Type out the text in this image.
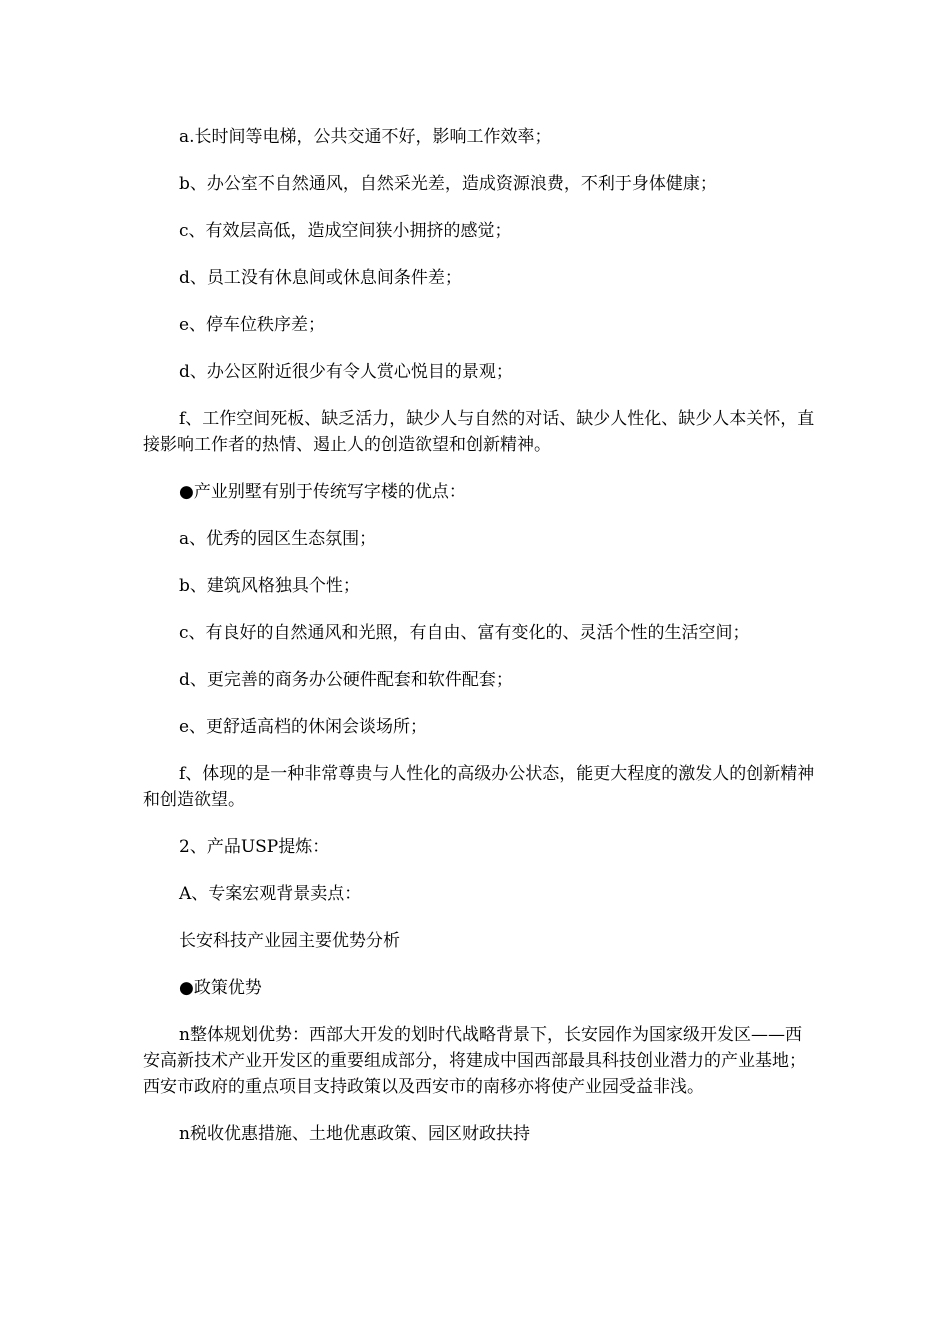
a.长时间等电梯，公共交通不好，影响工作效率；

b、办公室不自然通风，自然采光差，造成资源浪费，不利于身体健康；

c、有效层高低，造成空间狭小拥挤的感觉；

d、员工没有休息间或休息间条件差；

e、停车位秩序差；

d、办公区附近很少有令人赏心悦目的景观；

f、工作空间死板、缺乏活力，缺少人与自然的对话、缺少人性化、缺少人本关怀，直接影响工作者的热情、遏止人的创造欲望和创新精神。

●产业别墅有别于传统写字楼的优点：

a、优秀的园区生态氛围；

b、建筑风格独具个性；

c、有良好的自然通风和光照，有自由、富有变化的、灵活个性的生活空间；

d、更完善的商务办公硬件配套和软件配套；

e、更舒适高档的休闲会谈场所；

f、体现的是一种非常尊贵与人性化的高级办公状态，能更大程度的激发人的创新精神和创造欲望。

2、产品USP提炼：

A、专案宏观背景卖点：

长安科技产业园主要优势分析

●政策优势

n整体规划优势：西部大开发的划时代战略背景下，长安园作为国家级开发区——西安高新技术产业开发区的重要组成部分，将建成中国西部最具科技创业潜力的产业基地；西安市政府的重点项目支持政策以及西安市的南移亦将使产业园受益非浅。

n税收优惠措施、土地优惠政策、园区财政扶持
